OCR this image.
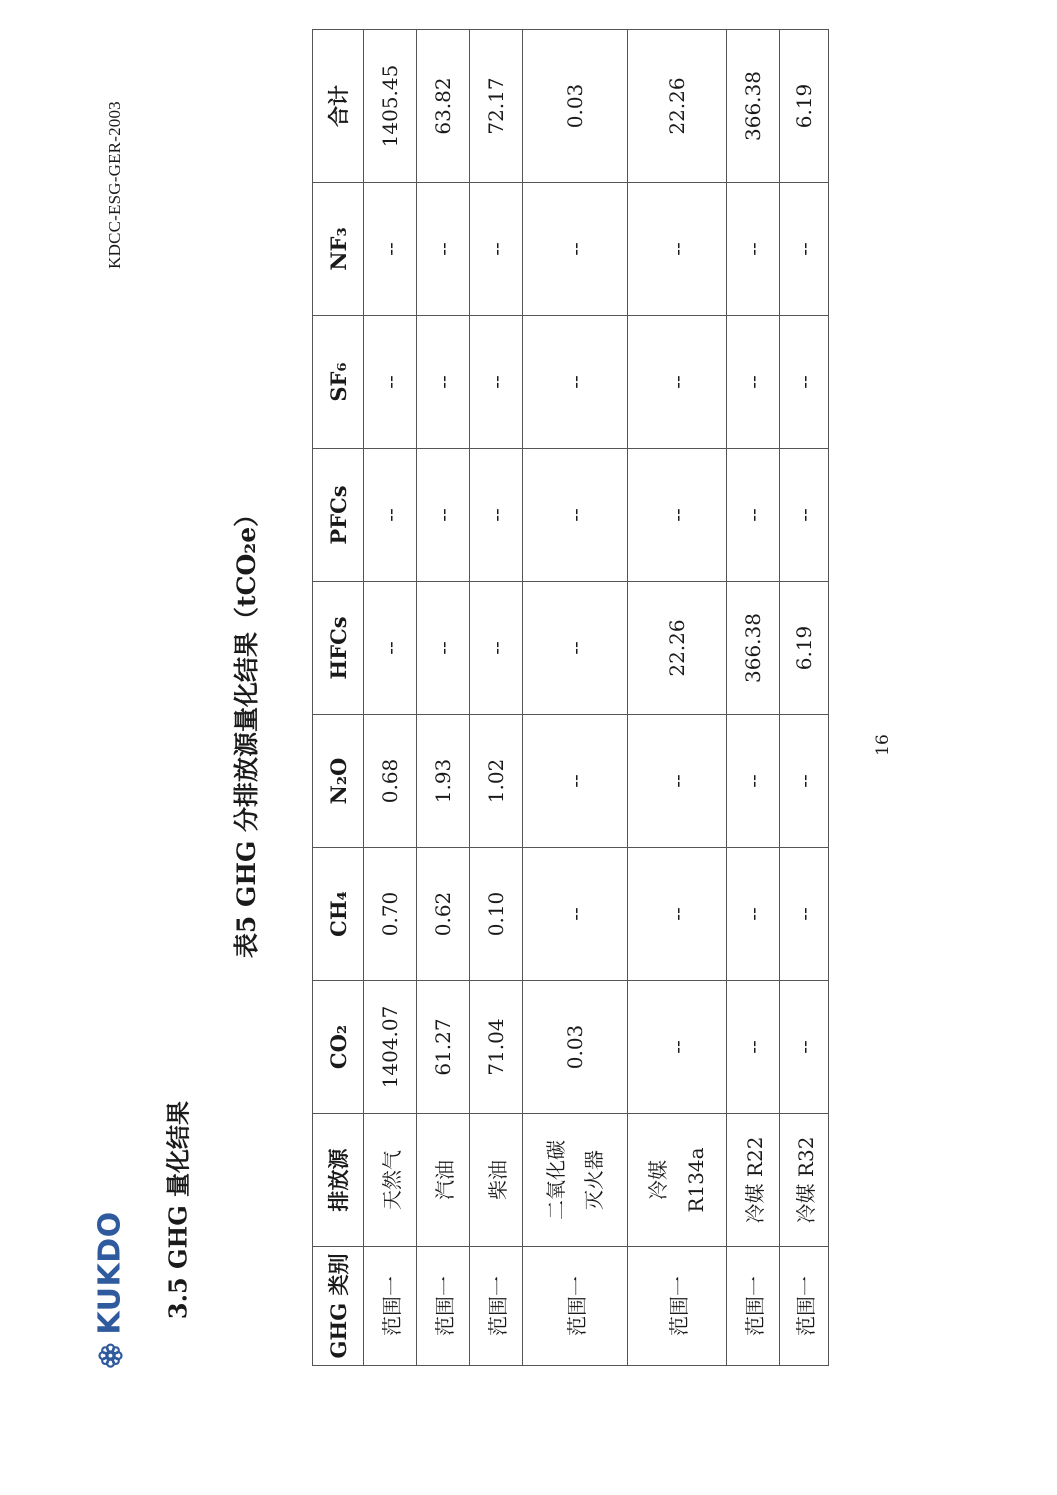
KDCC-ESG-GER-2003
KUKDO 3.5 GHG 量化结果
表5 GHG 分排放源量化结果（tCO₂e）
GHG 类别	排放源	CO₂	CH₄	N₂O	HFCs	PFCs	SF₆	NF₃	合计
范围一	天然气	1404.07	0.70	0.68	--	--	--	--	1405.45
范围一	汽油	61.27	0.62	1.93	--	--	--	--	63.82
范围一	柴油	71.04	0.10	1.02	--	--	--	--	72.17
范围一	二氧化碳 灭火器	0.03	--	--	--	--	--	--	0.03
范围一	冷媒 R134a	--	--	--	22.26	--	--	--	22.26
范围一	冷媒 R22	--	--	--	366.38	--	--	--	366.38
范围一	冷媒 R32	--	--	--	6.19	--	--	--	6.19
16
